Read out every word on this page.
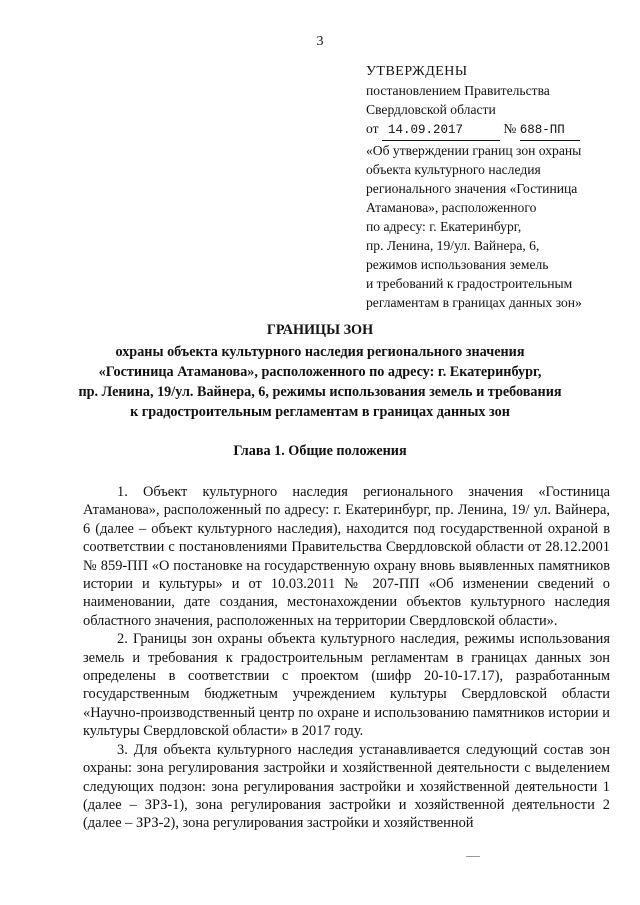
3
УТВЕРЖДЕНЫ
постановлением Правительства
Свердловской области
от 14.09.2017	№ 688-ПП
«Об утверждении границ зон охраны
объекта культурного наследия
регионального значения «Гостиница
Атаманова», расположенного
по адресу: г. Екатеринбург,
пр. Ленина, 19/ул. Вайнера, 6,
режимов использования земель
и требований к градостроительным
регламентам в границах данных зон»
ГРАНИЦЫ ЗОН
охраны объекта культурного наследия регионального значения
«Гостиница Атаманова», расположенного по адресу: г. Екатеринбург,
пр. Ленина, 19/ул. Вайнера, 6, режимы использования земель и требования
к градостроительным регламентам в границах данных зон
Глава 1. Общие положения

1. Объект культурного наследия регионального значения «Гостиница Атаманова», расположенный по адресу: г. Екатеринбург, пр. Ленина, 19/ ул. Вайнера, 6 (далее – объект культурного наследия), находится под государственной охраной в соответствии с постановлениями Правительства Свердловской области от 28.12.2001 № 859-ПП «О постановке на государственную охрану вновь выявленных памятников истории и культуры» и от 10.03.2011 № 207-ПП «Об изменении сведений о наименовании, дате создания, местонахождении объектов культурного наследия областного значения, расположенных на территории Свердловской области».

2. Границы зон охраны объекта культурного наследия, режимы использования земель и требования к градостроительным регламентам в границах данных зон определены в соответствии с проектом (шифр 20-10-17.17), разработанным государственным бюджетным учреждением культуры Свердловской области «Научно-производственный центр по охране и использованию памятников истории и культуры Свердловской области» в 2017 году.

3. Для объекта культурного наследия устанавливается следующий состав зон охраны: зона регулирования застройки и хозяйственной деятельности с выделением следующих подзон: зона регулирования застройки и хозяйственной деятельности 1 (далее – ЗРЗ-1), зона регулирования застройки и хозяйственной деятельности 2 (далее – ЗРЗ-2), зона регулирования застройки и хозяйственной
